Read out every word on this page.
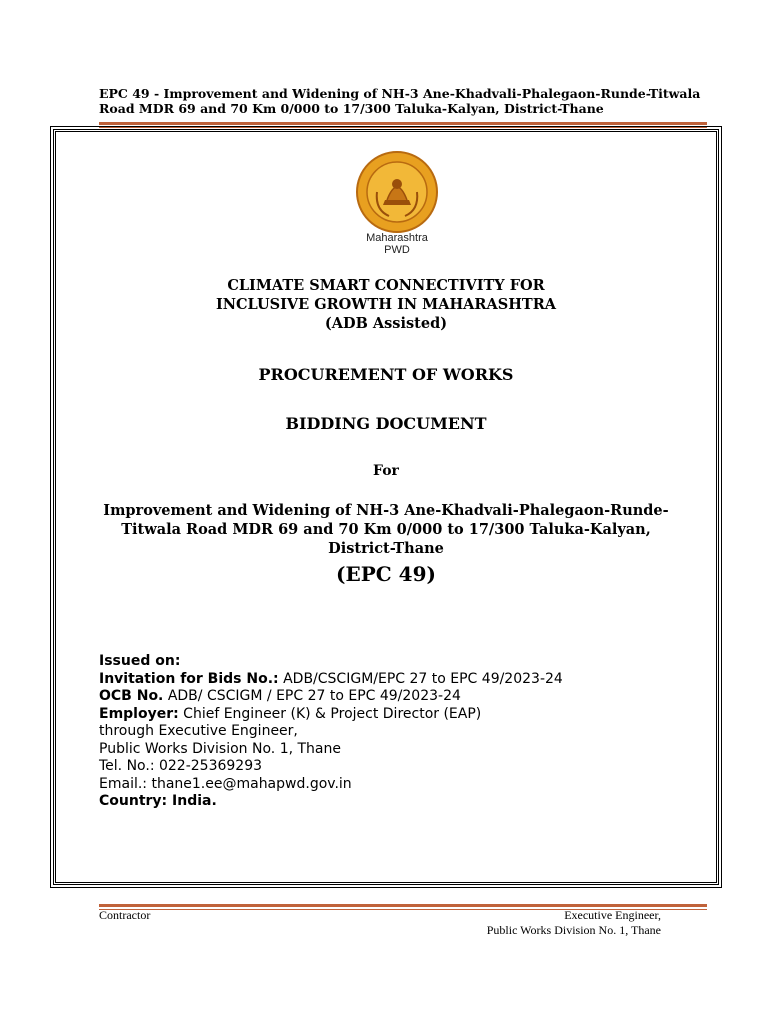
EPC 49 - Improvement and Widening of NH-3 Ane-Khadvali-Phalegaon-Runde-Titwala Road MDR 69 and 70 Km 0/000 to 17/300 Taluka-Kalyan, District-Thane
Maharashtra
PWD
CLIMATE SMART CONNECTIVITY FOR
INCLUSIVE GROWTH IN MAHARASHTRA
(ADB Assisted)
PROCUREMENT OF WORKS
BIDDING DOCUMENT
For
Improvement and Widening of NH-3 Ane-Khadvali-Phalegaon-Runde-
Titwala Road MDR 69 and 70 Km 0/000 to 17/300 Taluka-Kalyan,
District-Thane
(EPC 49)
Issued on:
Invitation for Bids No.: ADB/CSCIGM/EPC 27 to EPC 49/2023-24
OCB No. ADB/ CSCIGM / EPC 27 to EPC 49/2023-24
Employer: Chief Engineer (K) & Project Director (EAP)
through Executive Engineer,
Public Works Division No. 1, Thane
Tel. No.: 022-25369293
Email.: thane1.ee@mahapwd.gov.in
Country: India.
Contractor	Executive Engineer,
Public Works Division No. 1, Thane
